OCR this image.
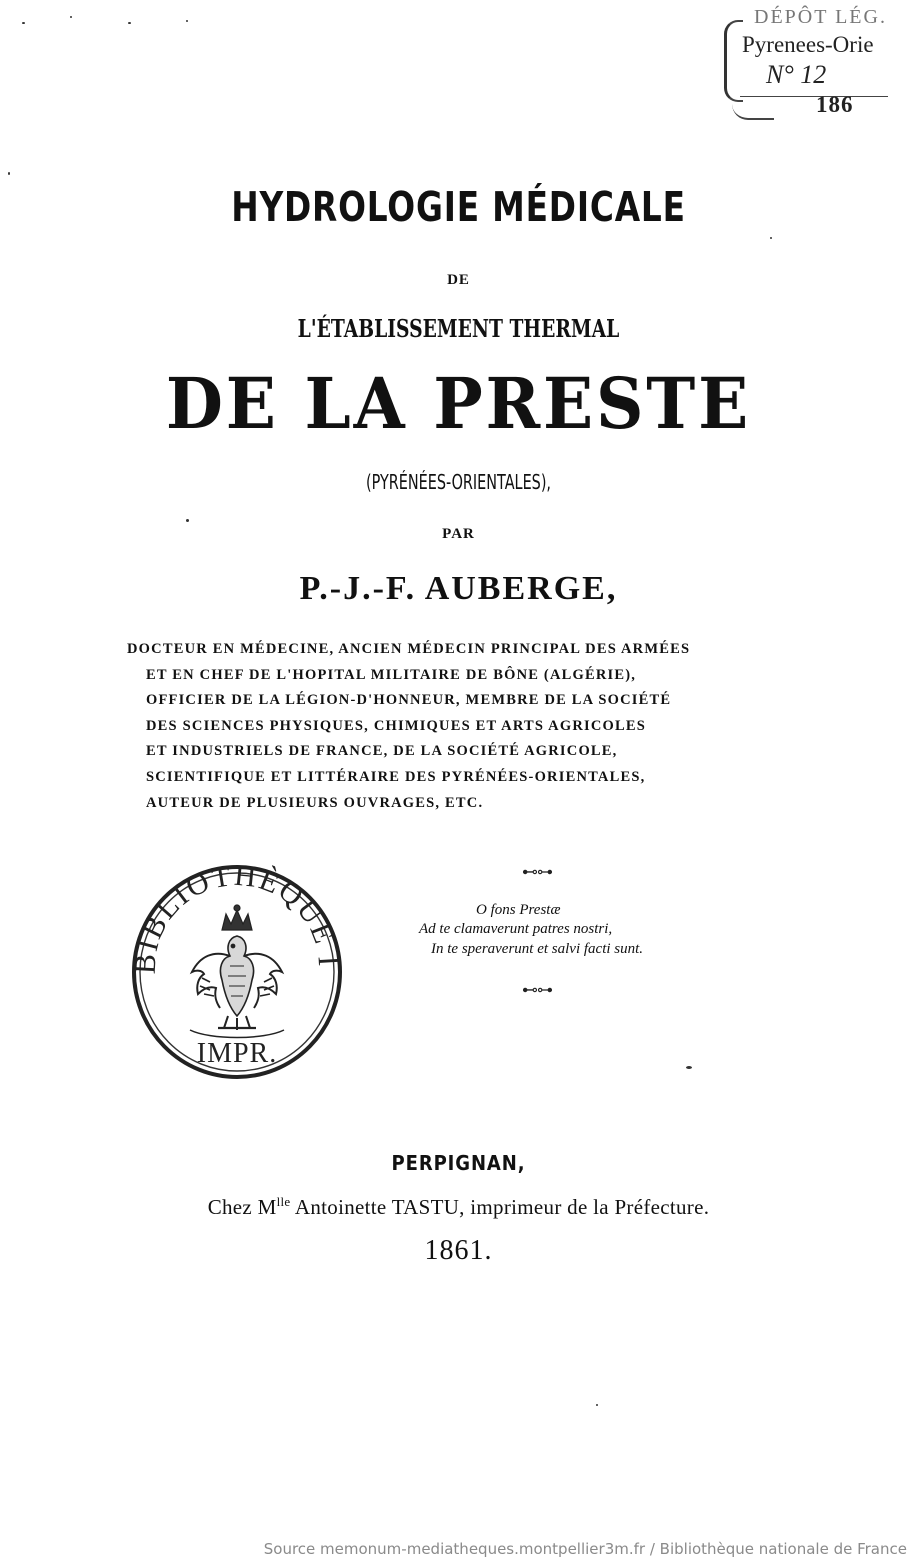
DÉPÔT LÉG.
Pyrenees-Orie
N° 12
186
HYDROLOGIE MÉDICALE
DE
L'ÉTABLISSEMENT THERMAL
DE LA PRESTE
(PYRÉNÉES-ORIENTALES),
PAR
P.-J.-F. AUBERGE,
DOCTEUR EN MÉDECINE, ANCIEN MÉDECIN PRINCIPAL DES ARMÉES
ET EN CHEF DE L'HOPITAL MILITAIRE DE BÔNE (ALGÉRIE),
OFFICIER DE LA LÉGION-D'HONNEUR, MEMBRE DE LA SOCIÉTÉ
DES SCIENCES PHYSIQUES, CHIMIQUES ET ARTS AGRICOLES
ET INDUSTRIELS DE FRANCE, DE LA SOCIÉTÉ AGRICOLE,
SCIENTIFIQUE ET LITTÉRAIRE DES PYRÉNÉES-ORIENTALES,
AUTEUR DE PLUSIEURS OUVRAGES, ETC.
BIBLIOTHÈQUE I
IMPR.
⊷⊶
O fons Prestæ
Ad te clamaverunt patres nostri,
In te speraverunt et salvi facti sunt.
⊷⊶
PERPIGNAN,
Chez $M^{lle}$ Antoinette TASTU, imprimeur de la Préfecture.
1861.
Source memonum-mediatheques.montpellier3m.fr / Bibliothèque nationale de France
